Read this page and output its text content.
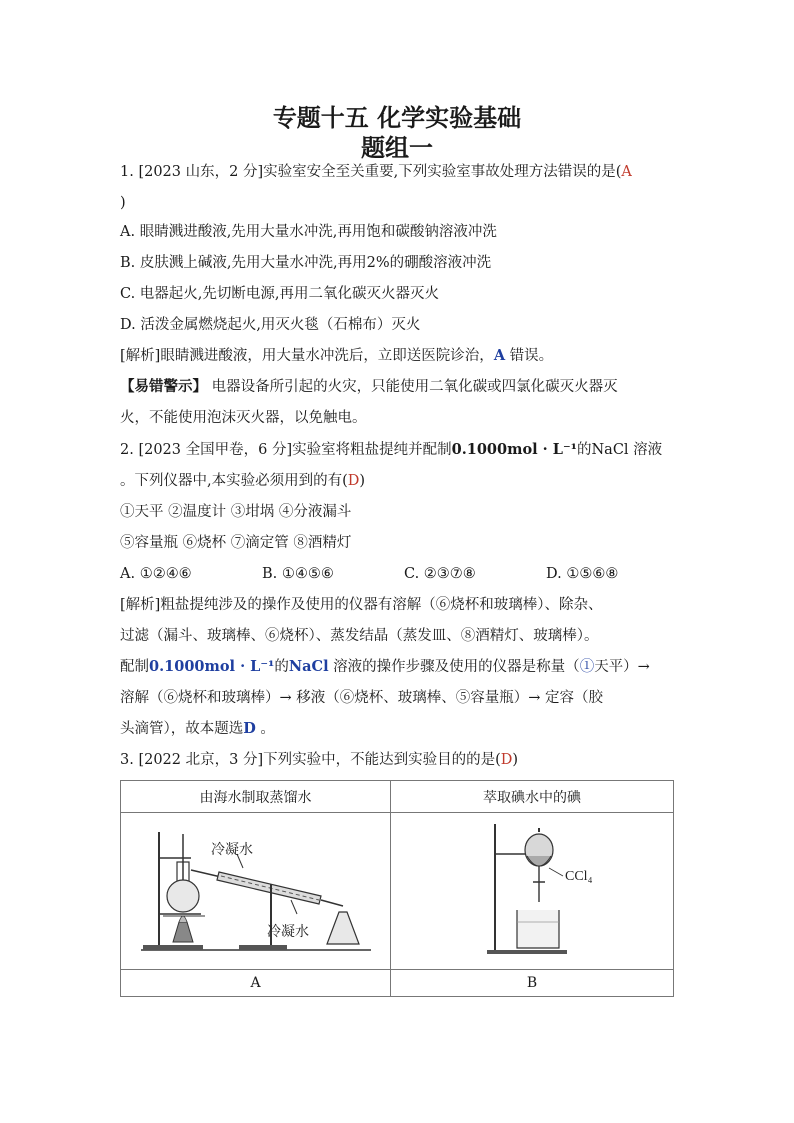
专题十五 化学实验基础
题组一
1. [2023 山东，2 分]实验室安全至关重要,下列实验室事故处理方法错误的是(A
)
A. 眼睛溅进酸液,先用大量水冲洗,再用饱和碳酸钠溶液冲洗
B. 皮肤溅上碱液,先用大量水冲洗,再用2%的硼酸溶液冲洗
C. 电器起火,先切断电源,再用二氧化碳灭火器灭火
D. 活泼金属燃烧起火,用灭火毯（石棉布）灭火
[解析]眼睛溅进酸液，用大量水冲洗后，立即送医院诊治，A 错误。
【易错警示】 电器设备所引起的火灾，只能使用二氧化碳或四氯化碳灭火器灭
火，不能使用泡沫灭火器，以免触电。
2. [2023 全国甲卷，6 分]实验室将粗盐提纯并配制0.1000mol · L⁻¹的NaCl 溶液
。下列仪器中,本实验必须用到的有(D)
①天平 ②温度计 ③坩埚 ④分液漏斗
⑤容量瓶 ⑥烧杯 ⑦滴定管 ⑧酒精灯
A. ①②④⑥	B. ①④⑤⑥	C. ②③⑦⑧	D. ①⑤⑥⑧
[解析]粗盐提纯涉及的操作及使用的仪器有溶解（⑥烧杯和玻璃棒）、除杂、
过滤（漏斗、玻璃棒、⑥烧杯）、蒸发结晶（蒸发皿、⑧酒精灯、玻璃棒）。
配制0.1000mol · L⁻¹的NaCl 溶液的操作步骤及使用的仪器是称量（①天平）→
溶解（⑥烧杯和玻璃棒）→ 移液（⑥烧杯、玻璃棒、⑤容量瓶）→ 定容（胶
头滴管），故本题选D 。
3. [2022 北京，3 分]下列实验中，不能达到实验目的的是(D)
由海水制取蒸馏水	萃取碘水中的碘

冷凝水
冷凝水	CCl₄

A	B
